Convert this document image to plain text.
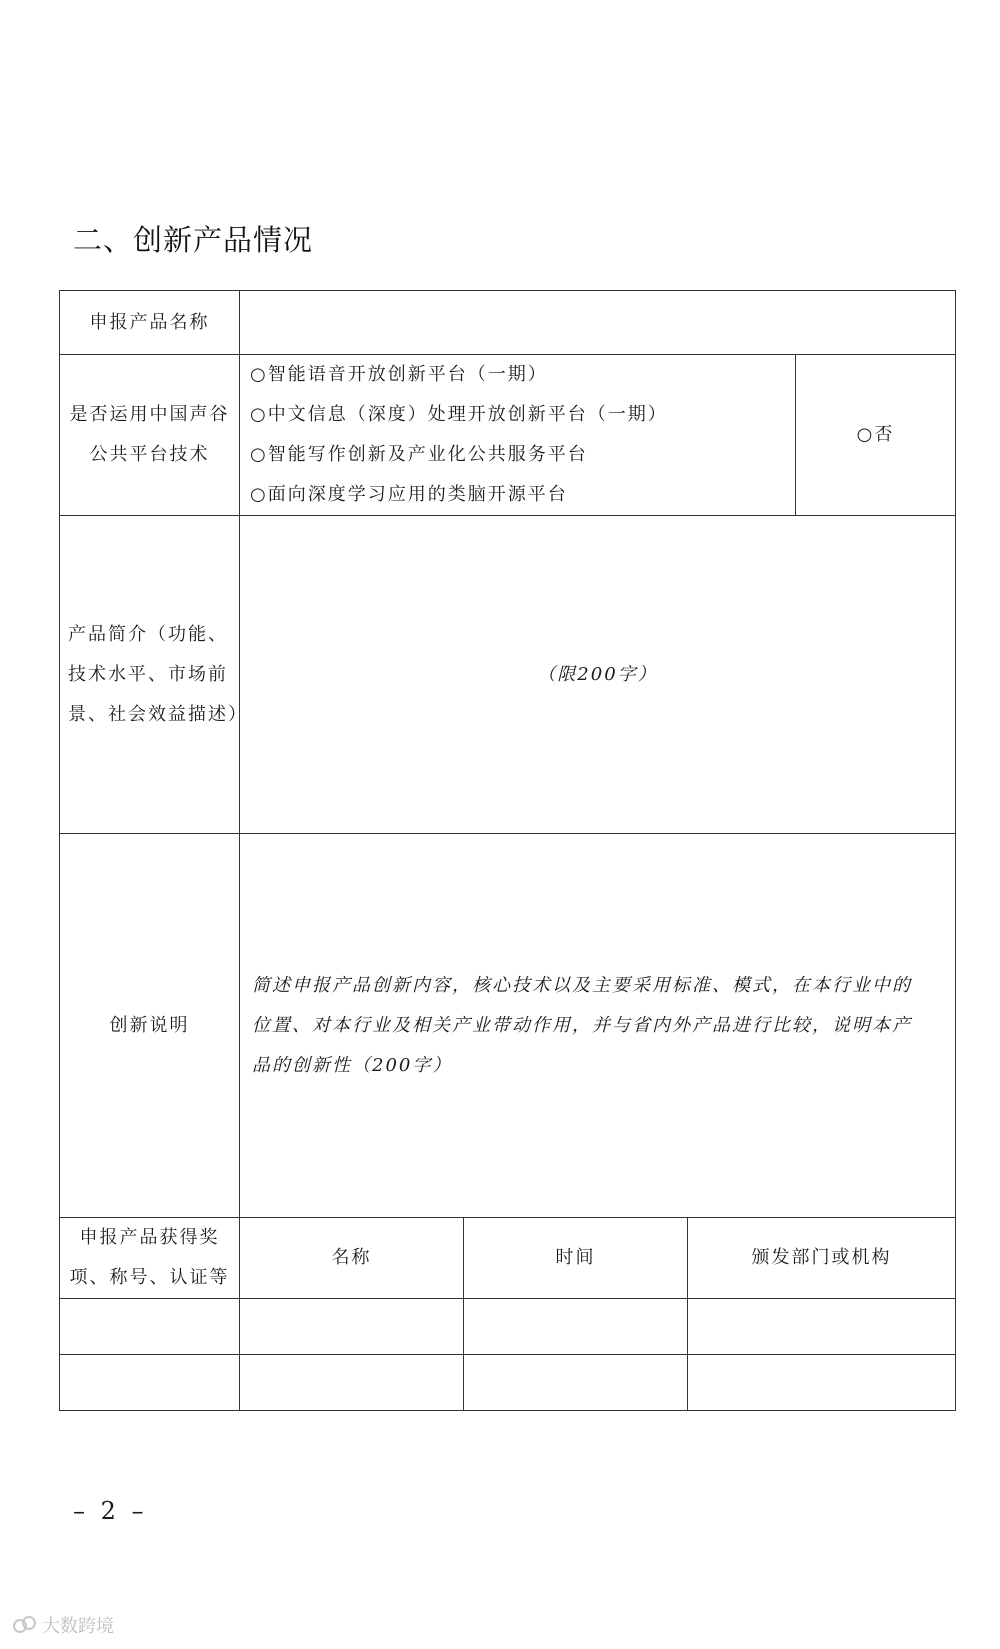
二、创新产品情况
申报产品名称				

是否运用中国声谷
公共平台技术	○智能语音开放创新平台（一期）
○中文信息（深度）处理开放创新平台（一期）
○智能写作创新及产业化公共服务平台
○面向深度学习应用的类脑开源平台			○否

产品简介（功能、
技术水平、市场前
景、社会效益描述）	（限200字）			
创新说明	简述申报产品创新内容，核心技术以及主要采用标准、模式，在本行业中的
位置、对本行业及相关产业带动作用，并与省内外产品进行比较，说明本产
品的创新性（200字）			

申报产品获得奖
项、称号、认证等	名称	时间	颁发部门或机构	

– 2 –
大数跨境
